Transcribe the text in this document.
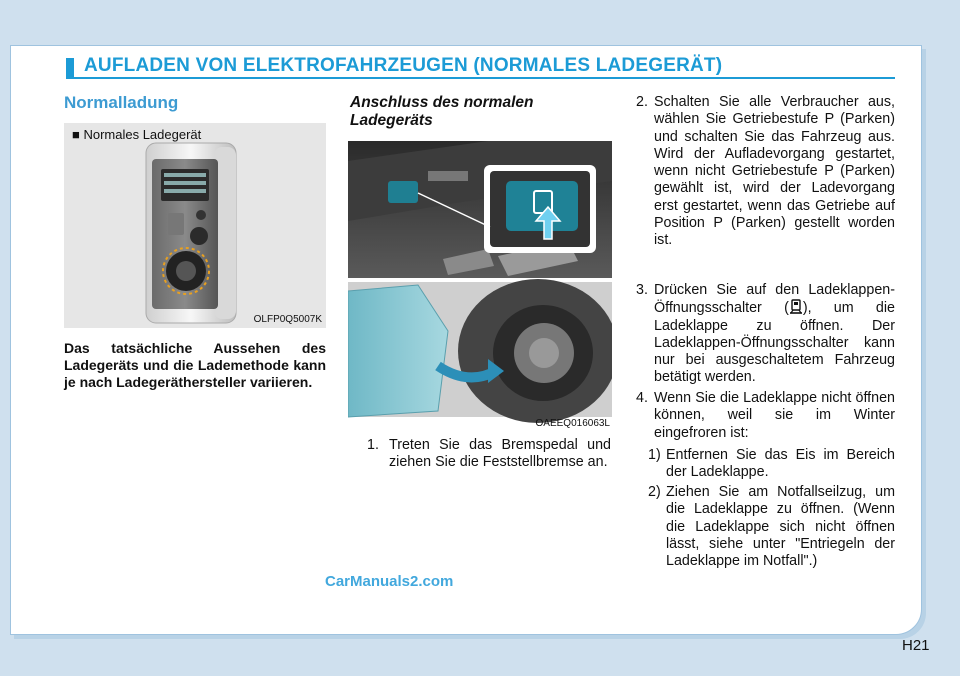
AUFLADEN VON ELEKTROFAHRZEUGEN (NORMALES LADEGERÄT)
Normalladung
■ Normales Ladegerät
OLFP0Q5007K
Das tatsächliche Aussehen des Ladegeräts und die Lademethode kann je nach Ladegeräthersteller variieren.
Anschluss des normalen Ladegeräts
OAEEQ016063L
1. Treten Sie das Bremspedal und ziehen Sie die Feststellbremse an.
2. Schalten Sie alle Verbraucher aus, wählen Sie Getriebestufe P (Parken) und schalten Sie das Fahrzeug aus. Wird der Aufladevorgang gestartet, wenn nicht Getriebestufe P (Parken) gewählt ist, wird der Ladevorgang erst gestartet, wenn das Getriebe auf Position P (Parken) gestellt worden ist.
3. Drücken Sie auf den Ladeklappen-Öffnungsschalter ( ), um die Ladeklappe zu öffnen. Der Ladeklappen-Öffnungsschalter kann nur bei ausgeschaltetem Fahrzeug betätigt werden.
4. Wenn Sie die Ladeklappe nicht öffnen können, weil sie im Winter eingefroren ist:
1) Entfernen Sie das Eis im Bereich der Ladeklappe.
2) Ziehen Sie am Notfallseilzug, um die Ladeklappe zu öffnen. (Wenn die Ladeklappe sich nicht öffnen lässt, siehe unter "Entriegeln der Ladeklappe im Notfall".)
CarManuals2.com
H21
